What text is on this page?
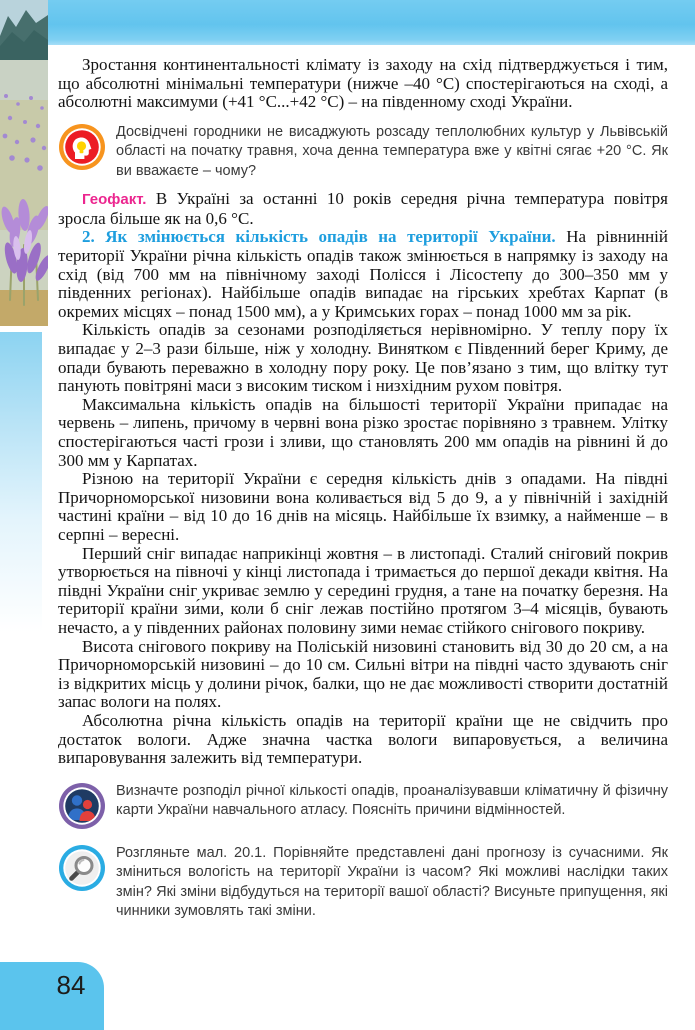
Зростання континентальності клімату із заходу на схід підтверджується і тим, що абсолютні мінімальні температури (нижче –40 °С) спостерігаються на сході, а абсолютні максимуми (+41 °С...+42 °С) – на південному сході України.

Досвідчені городники не висаджують розсаду теплолюбних культур у Львівській області на початку травня, хоча денна температура вже у квітні сягає +20 °С. Як ви вважаєте – чому?

Геофакт. В Україні за останні 10 років середня річна температура повітря зросла більше як на 0,6 °С.

2. Як змінюється кількість опадів на території України. На рівнинній території України річна кількість опадів також змінюється в напрямку із заходу на схід (від 700 мм на північному заході Полісся і Лісостепу до 300–350 мм у південних регіонах). Найбільше опадів випадає на гірських хребтах Карпат (в окремих місцях – понад 1500 мм), а у Кримських горах – понад 1000 мм за рік.

Кількість опадів за сезонами розподіляється нерівномірно. У теплу пору їх випадає у 2–3 рази більше, ніж у холодну. Винятком є Південний берег Криму, де опади бувають переважно в холодну пору року. Це пов’язано з тим, що влітку тут панують повітряні маси з високим тиском і низхідним рухом повітря.

Максимальна кількість опадів на більшості території України припадає на червень – липень, причому в червні вона різко зростає порівняно з травнем. Улітку спостерігаються часті грози і зливи, що становлять 200 мм опадів на рівнині й до 300 мм у Карпатах.

Різною на території України є середня кількість днів з опадами. На півдні Причорноморської низовини вона коливається від 5 до 9, а у північній і західній частині країни – від 10 до 16 днів на місяць. Найбільше їх взимку, а найменше – в серпні – вересні.

Перший сніг випадає наприкінці жовтня – в листопаді. Сталий сніговий покрив утворюється на півночі у кінці листопада і тримається до першої декади квітня. На півдні України сніг укриває землю у середині грудня, а тане на початку березня. На території країни зи́ми, коли б сніг лежав постійно протягом 3–4 місяців, бувають нечасто, а у південних районах половину зими немає стійкого снігового покриву.

Висота снігового покриву на Поліській низовині становить від 30 до 20 см, а на Причорноморській низовині – до 10 см. Сильні вітри на півдні часто здувають сніг із відкритих місць у долини річок, балки, що не дає можливості створити достатній запас вологи на полях.

Абсолютна річна кількість опадів на території країни ще не свідчить про достаток вологи. Адже значна частка вологи випаровується, а величина випаровування залежить від температури.

Визначте розподіл річної кількості опадів, проаналізувавши кліматичну й фізичну карти України навчального атласу. Поясніть причини відмінностей.

Розгляньте мал. 20.1. Порівняйте представлені дані прогнозу із сучасними. Як зміниться вологість на території України із часом? Які можливі наслідки таких змін? Які зміни відбудуться на території вашої області? Висуньте припущення, які чинники зумовлять такі зміни.

84
